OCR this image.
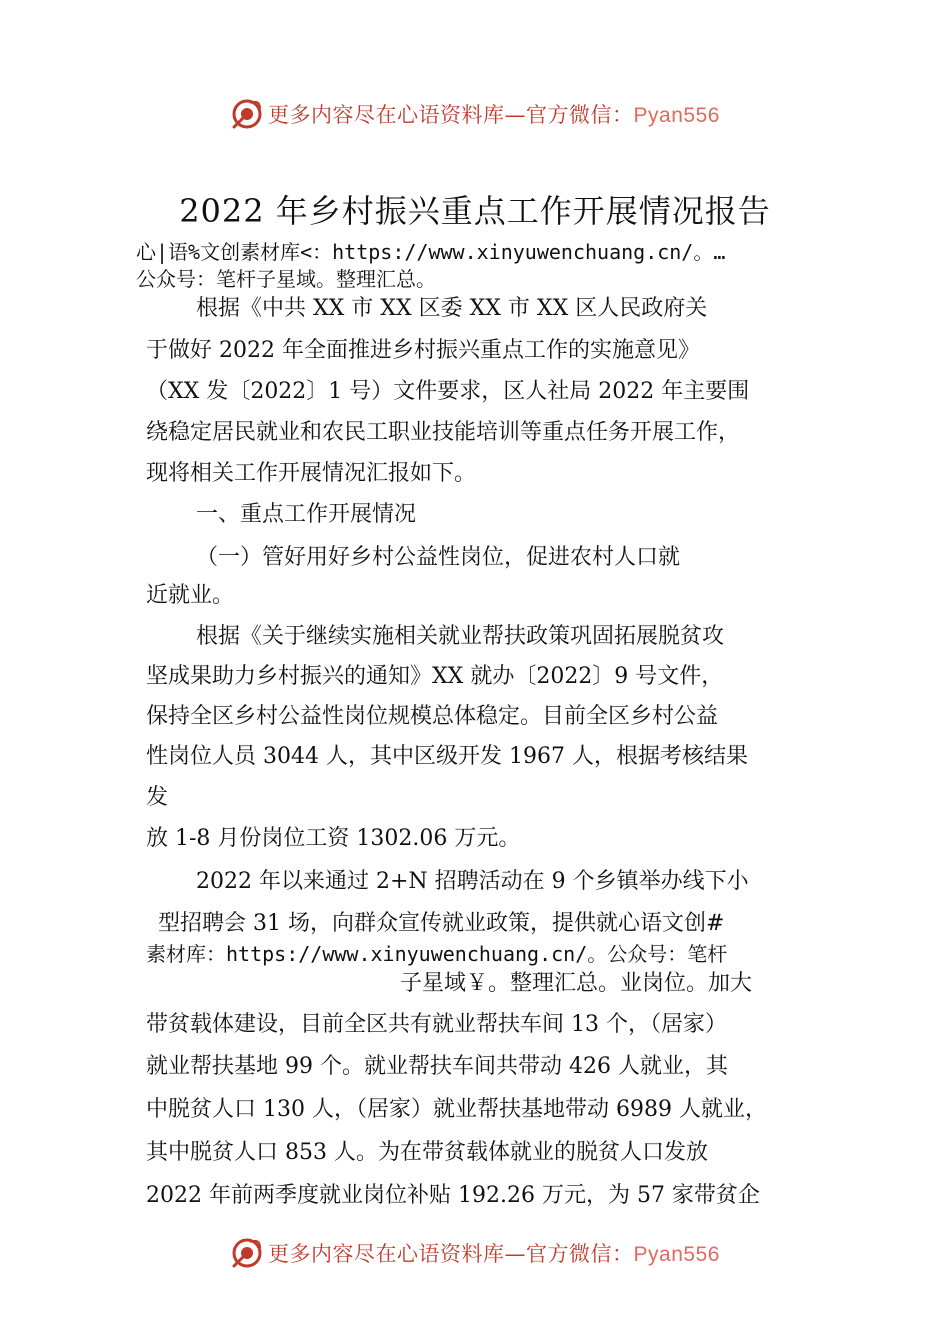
更多内容尽在心语资料库—官方微信：Pyan556
2022 年乡村振兴重点工作开展情况报告
心|语%文创素材库<：https://www.xinyuwenchuang.cn/。…
公众号：笔杆子星域。整理汇总。
根据《中共 XX 市 XX 区委 XX 市 XX 区人民政府关
于做好 2022 年全面推进乡村振兴重点工作的实施意见》
（XX 发〔2022〕1 号）文件要求，区人社局 2022 年主要围
绕稳定居民就业和农民工职业技能培训等重点任务开展工作，
现将相关工作开展情况汇报如下。
一、重点工作开展情况
（一）管好用好乡村公益性岗位，促进农村人口就
近就业。
根据《关于继续实施相关就业帮扶政策巩固拓展脱贫攻
坚成果助力乡村振兴的通知》XX 就办〔2022〕9 号文件，
保持全区乡村公益性岗位规模总体稳定。目前全区乡村公益
性岗位人员 3044 人，其中区级开发 1967 人，根据考核结果
发
放 1-8 月份岗位工资 1302.06 万元。
2022 年以来通过 2+N 招聘活动在 9 个乡镇举办线下小
型招聘会 31 场，向群众宣传就业政策，提供就心语文创#
素材库：https://www.xinyuwenchuang.cn/。公众号：笔杆
子星域￥。整理汇总。业岗位。加大
带贫载体建设，目前全区共有就业帮扶车间 13 个，（居家）
就业帮扶基地 99 个。就业帮扶车间共带动 426 人就业，其
中脱贫人口 130 人，（居家）就业帮扶基地带动 6989 人就业，
其中脱贫人口 853 人。为在带贫载体就业的脱贫人口发放
2022 年前两季度就业岗位补贴 192.26 万元，为 57 家带贫企
更多内容尽在心语资料库—官方微信：Pyan556
